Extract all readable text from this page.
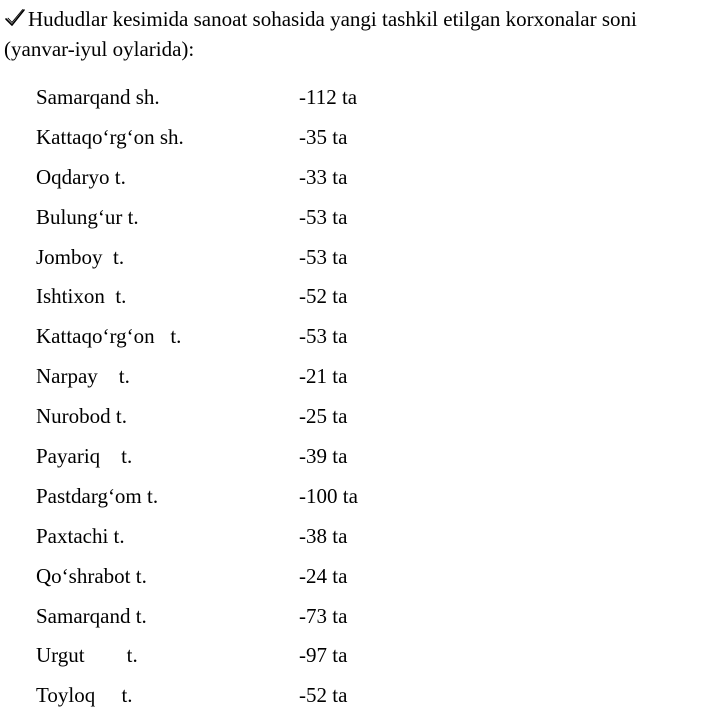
Hududlar kesimida sanoat sohasida yangi tashkil etilgan korxonalar soni (yanvar-iyul oylarida):
Samarqand sh.	-112 ta
Kattaqo‘rg‘on sh.	-35 ta
Oqdaryo t.	-33 ta
Bulung‘ur t.	-53 ta
Jomboy  t.	-53 ta
Ishtixon  t.	-52 ta
Kattaqo‘rg‘on   t.	-53 ta
Narpay    t.	-21 ta
Nurobod t.	-25 ta
Payariq    t.	-39 ta
Pastdarg‘om t.	-100 ta
Paxtachi t.	-38 ta
Qo‘shrabot t.	-24 ta
Samarqand t.	-73 ta
Urgut        t.	-97 ta
Toyloq     t.	-52 ta
